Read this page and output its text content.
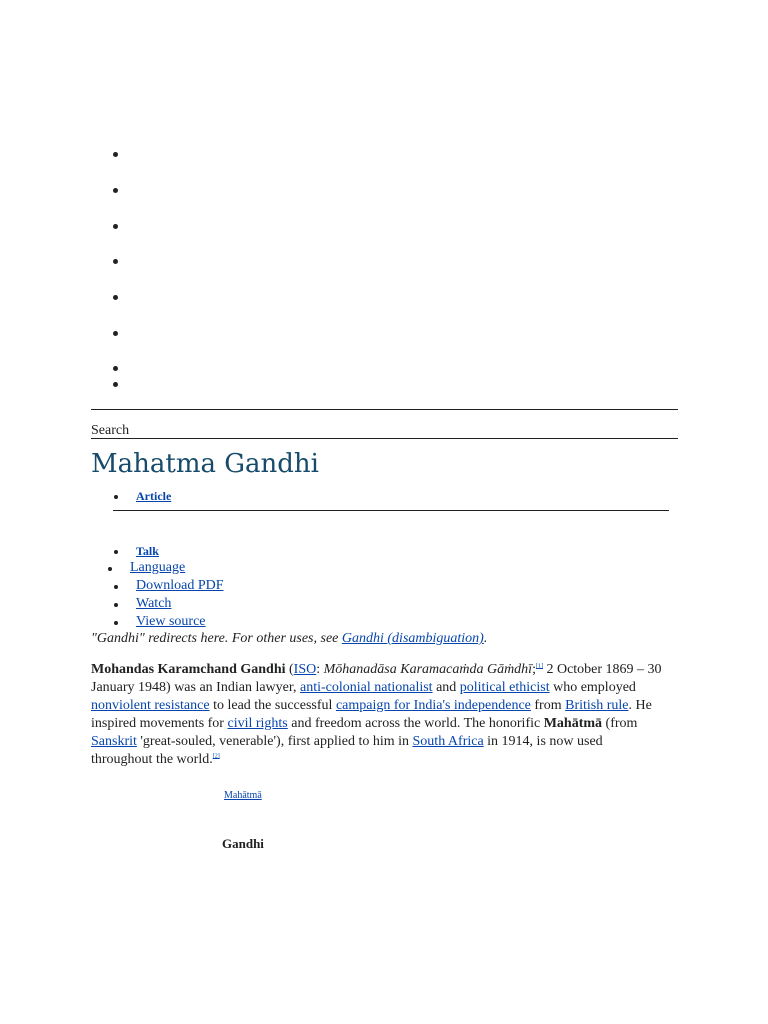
Search
Mahatma Gandhi
Article
Talk
Language
Download PDF
Watch
View source
"Gandhi" redirects here. For other uses, see Gandhi (disambiguation).

Mohandas Karamchand Gandhi (ISO: Mōhanadāsa Karamacaṁda Gāṁdhī;[1] 2 October 1869 – 30 January 1948) was an Indian lawyer, anti-colonial nationalist and political ethicist who employed nonviolent resistance to lead the successful campaign for India's independence from British rule. He inspired movements for civil rights and freedom across the world. The honorific Mahātmā (from Sanskrit 'great-souled, venerable'), first applied to him in South Africa in 1914, is now used throughout the world.[2]

Mahātmā
Gandhi
